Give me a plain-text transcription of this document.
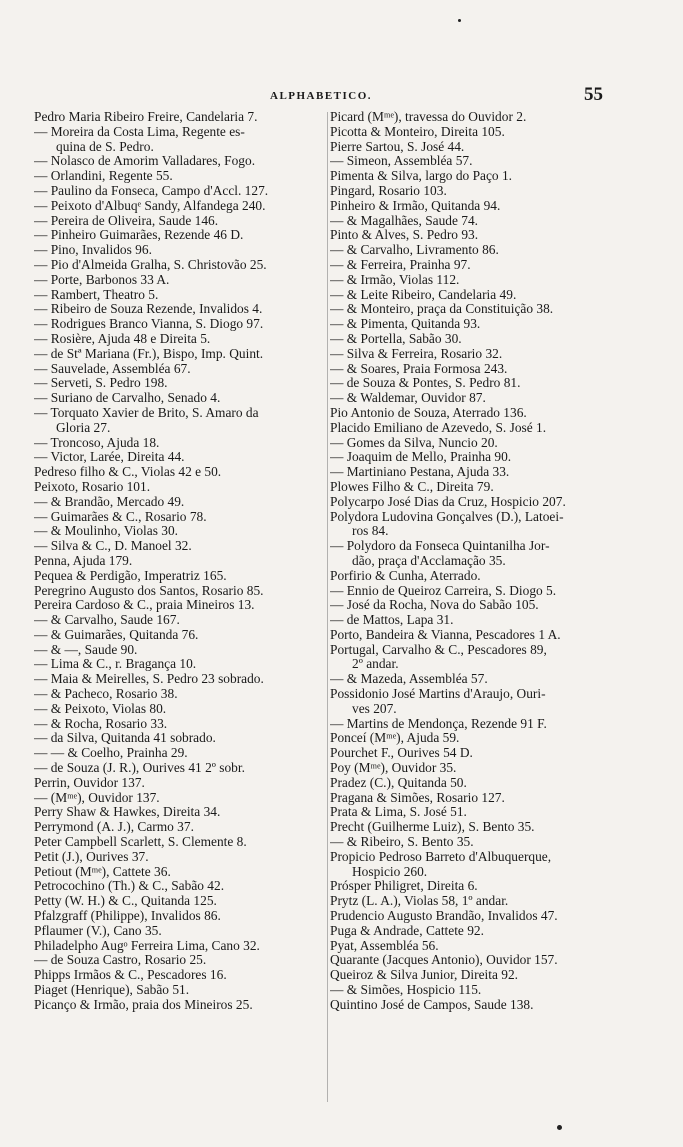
ALPHABETICO.	55
Pedro Maria Ribeiro Freire, Candelaria 7.
— Moreira da Costa Lima, Regente es-
quina de S. Pedro.
— Nolasco de Amorim Valladares, Fogo.
— Orlandini, Regente 55.
— Paulino da Fonseca, Campo d'Accl. 127.
— Peixoto d'Albuqᵉ Sandy, Alfandega 240.
— Pereira de Oliveira, Saude 146.
— Pinheiro Guimarães, Rezende 46 D.
— Pino, Invalidos 96.
— Pio d'Almeida Gralha, S. Christovão 25.
— Porte, Barbonos 33 A.
— Rambert, Theatro 5.
— Ribeiro de Souza Rezende, Invalidos 4.
— Rodrigues Branco Vianna, S. Diogo 97.
— Rosière, Ajuda 48 e Direita 5.
— de Stª Mariana (Fr.), Bispo, Imp. Quint.
— Sauvelade, Assembléa 67.
— Serveti, S. Pedro 198.
— Suriano de Carvalho, Senado 4.
— Torquato Xavier de Brito, S. Amaro da
Gloria 27.
— Troncoso, Ajuda 18.
— Victor, Larée, Direita 44.
Pedreso filho & C., Violas 42 e 50.
Peixoto, Rosario 101.
— & Brandão, Mercado 49.
— Guimarães & C., Rosario 78.
— & Moulinho, Violas 30.
— Silva & C., D. Manoel 32.
Penna, Ajuda 179.
Pequea & Perdigão, Imperatriz 165.
Peregrino Augusto dos Santos, Rosario 85.
Pereira Cardoso & C., praia Mineiros 13.
— & Carvalho, Saude 167.
— & Guimarães, Quitanda 76.
— & —, Saude 90.
— Lima & C., r. Bragança 10.
— Maia & Meirelles, S. Pedro 23 sobrado.
— & Pacheco, Rosario 38.
— & Peixoto, Violas 80.
— & Rocha, Rosario 33.
— da Silva, Quitanda 41 sobrado.
— — & Coelho, Prainha 29.
— de Souza (J. R.), Ourives 41 2º sobr.
Perrin, Ouvidor 137.
— (Mᵐᵉ), Ouvidor 137.
Perry Shaw & Hawkes, Direita 34.
Perrymond (A. J.), Carmo 37.
Peter Campbell Scarlett, S. Clemente 8.
Petit (J.), Ourives 37.
Petiout (Mᵐᵉ), Cattete 36.
Petrocochino (Th.) & C., Sabão 42.
Petty (W. H.) & C., Quitanda 125.
Pfalzgraff (Philippe), Invalidos 86.
Pflaumer (V.), Cano 35.
Philadelpho Augᵒ Ferreira Lima, Cano 32.
— de Souza Castro, Rosario 25.
Phipps Irmãos & C., Pescadores 16.
Piaget (Henrique), Sabão 51.
Picanço & Irmão, praia dos Mineiros 25.
Picard (Mᵐᵉ), travessa do Ouvidor 2.
Picotta & Monteiro, Direita 105.
Pierre Sartou, S. José 44.
— Simeon, Assembléa 57.
Pimenta & Silva, largo do Paço 1.
Pingard, Rosario 103.
Pinheiro & Irmão, Quitanda 94.
— & Magalhães, Saude 74.
Pinto & Alves, S. Pedro 93.
— & Carvalho, Livramento 86.
— & Ferreira, Prainha 97.
— & Irmão, Violas 112.
— & Leite Ribeiro, Candelaria 49.
— & Monteiro, praça da Constituição 38.
— & Pimenta, Quitanda 93.
— & Portella, Sabão 30.
— Silva & Ferreira, Rosario 32.
— & Soares, Praia Formosa 243.
— de Souza & Pontes, S. Pedro 81.
— & Waldemar, Ouvidor 87.
Pio Antonio de Souza, Aterrado 136.
Placido Emiliano de Azevedo, S. José 1.
— Gomes da Silva, Nuncio 20.
— Joaquim de Mello, Prainha 90.
— Martiniano Pestana, Ajuda 33.
Plowes Filho & C., Direita 79.
Polycarpo José Dias da Cruz, Hospicio 207.
Polydora Ludovina Gonçalves (D.), Latoei-
ros 84.
— Polydoro da Fonseca Quintanilha Jor-
dão, praça d'Acclamação 35.
Porfirio & Cunha, Aterrado.
— Ennio de Queiroz Carreira, S. Diogo 5.
— José da Rocha, Nova do Sabão 105.
— de Mattos, Lapa 31.
Porto, Bandeira & Vianna, Pescadores 1 A.
Portugal, Carvalho & C., Pescadores 89,
2º andar.
— & Mazeda, Assembléa 57.
Possidonio José Martins d'Araujo, Ouri-
ves 207.
— Martins de Mendonça, Rezende 91 F.
Ponceí (Mᵐᵉ), Ajuda 59.
Pourchet F., Ourives 54 D.
Poy (Mᵐᵉ), Ouvidor 35.
Pradez (C.), Quitanda 50.
Pragana & Simões, Rosario 127.
Prata & Lima, S. José 51.
Precht (Guilherme Luiz), S. Bento 35.
— & Ribeiro, S. Bento 35.
Propicio Pedroso Barreto d'Albuquerque,
Hospicio 260.
Prósper Philigret, Direita 6.
Prytz (L. A.), Violas 58, 1º andar.
Prudencio Augusto Brandão, Invalidos 47.
Puga & Andrade, Cattete 92.
Pyat, Assembléa 56.
Quarante (Jacques Antonio), Ouvidor 157.
Queiroz & Silva Junior, Direita 92.
— & Simões, Hospicio 115.
Quintino José de Campos, Saude 138.
